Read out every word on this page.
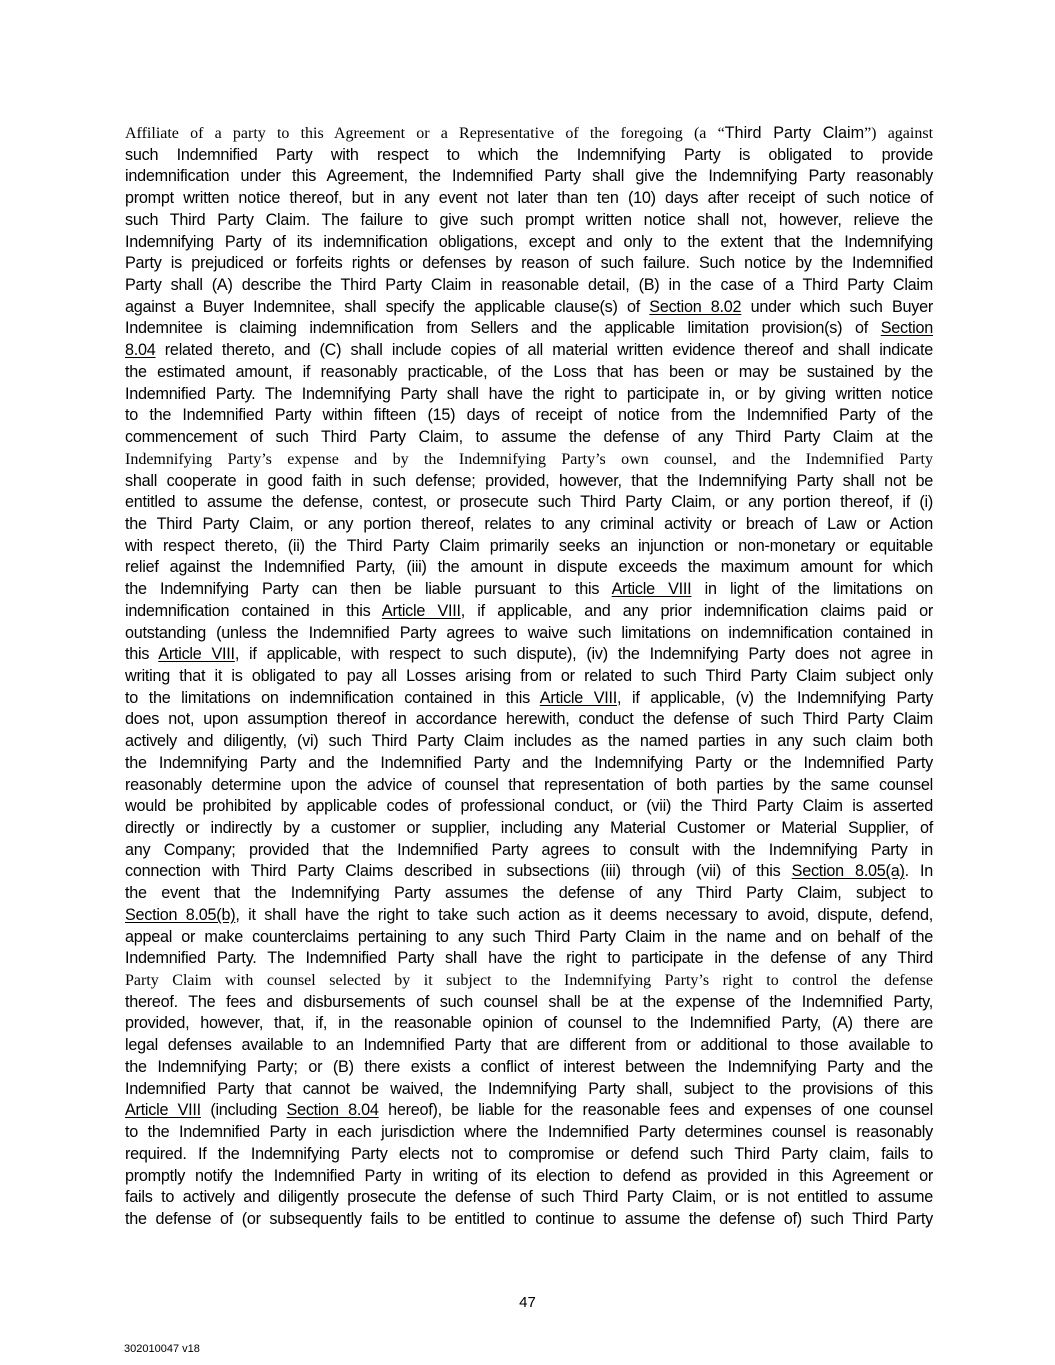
Affiliate of a party to this Agreement or a Representative of the foregoing (a “Third Party Claim”) against
such Indemnified Party with respect to which the Indemnifying Party is obligated to provide
indemnification under this Agreement, the Indemnified Party shall give the Indemnifying Party reasonably
prompt written notice thereof, but in any event not later than ten (10) days after receipt of such notice of
such Third Party Claim. The failure to give such prompt written notice shall not, however, relieve the
Indemnifying Party of its indemnification obligations, except and only to the extent that the Indemnifying
Party is prejudiced or forfeits rights or defenses by reason of such failure. Such notice by the Indemnified
Party shall (A) describe the Third Party Claim in reasonable detail, (B) in the case of a Third Party Claim
against a Buyer Indemnitee, shall specify the applicable clause(s) of Section 8.02 under which such Buyer
Indemnitee is claiming indemnification from Sellers and the applicable limitation provision(s) of Section
8.04 related thereto, and (C) shall include copies of all material written evidence thereof and shall indicate
the estimated amount, if reasonably practicable, of the Loss that has been or may be sustained by the
Indemnified Party. The Indemnifying Party shall have the right to participate in, or by giving written notice
to the Indemnified Party within fifteen (15) days of receipt of notice from the Indemnified Party of the
commencement of such Third Party Claim, to assume the defense of any Third Party Claim at the
Indemnifying Party’s expense and by the Indemnifying Party’s own counsel, and the Indemnified Party
shall cooperate in good faith in such defense; provided, however, that the Indemnifying Party shall not be
entitled to assume the defense, contest, or prosecute such Third Party Claim, or any portion thereof, if (i)
the Third Party Claim, or any portion thereof, relates to any criminal activity or breach of Law or Action
with respect thereto, (ii) the Third Party Claim primarily seeks an injunction or non-monetary or equitable
relief against the Indemnified Party, (iii) the amount in dispute exceeds the maximum amount for which
the Indemnifying Party can then be liable pursuant to this Article VIII in light of the limitations on
indemnification contained in this Article VIII, if applicable, and any prior indemnification claims paid or
outstanding (unless the Indemnified Party agrees to waive such limitations on indemnification contained in
this Article VIII, if applicable, with respect to such dispute), (iv) the Indemnifying Party does not agree in
writing that it is obligated to pay all Losses arising from or related to such Third Party Claim subject only
to the limitations on indemnification contained in this Article VIII, if applicable, (v) the Indemnifying Party
does not, upon assumption thereof in accordance herewith, conduct the defense of such Third Party Claim
actively and diligently, (vi) such Third Party Claim includes as the named parties in any such claim both
the Indemnifying Party and the Indemnified Party and the Indemnifying Party or the Indemnified Party
reasonably determine upon the advice of counsel that representation of both parties by the same counsel
would be prohibited by applicable codes of professional conduct, or (vii) the Third Party Claim is asserted
directly or indirectly by a customer or supplier, including any Material Customer or Material Supplier, of
any Company; provided that the Indemnified Party agrees to consult with the Indemnifying Party in
connection with Third Party Claims described in subsections (iii) through (vii) of this Section 8.05(a). In
the event that the Indemnifying Party assumes the defense of any Third Party Claim, subject to
Section 8.05(b), it shall have the right to take such action as it deems necessary to avoid, dispute, defend,
appeal or make counterclaims pertaining to any such Third Party Claim in the name and on behalf of the
Indemnified Party. The Indemnified Party shall have the right to participate in the defense of any Third
Party Claim with counsel selected by it subject to the Indemnifying Party’s right to control the defense
thereof. The fees and disbursements of such counsel shall be at the expense of the Indemnified Party,
provided, however, that, if, in the reasonable opinion of counsel to the Indemnified Party, (A) there are
legal defenses available to an Indemnified Party that are different from or additional to those available to
the Indemnifying Party; or (B) there exists a conflict of interest between the Indemnifying Party and the
Indemnified Party that cannot be waived, the Indemnifying Party shall, subject to the provisions of this
Article VIII (including Section 8.04 hereof), be liable for the reasonable fees and expenses of one counsel
to the Indemnified Party in each jurisdiction where the Indemnified Party determines counsel is reasonably
required. If the Indemnifying Party elects not to compromise or defend such Third Party claim, fails to
promptly notify the Indemnified Party in writing of its election to defend as provided in this Agreement or
fails to actively and diligently prosecute the defense of such Third Party Claim, or is not entitled to assume
the defense of (or subsequently fails to be entitled to continue to assume the defense of) such Third Party
47
302010047 v18
